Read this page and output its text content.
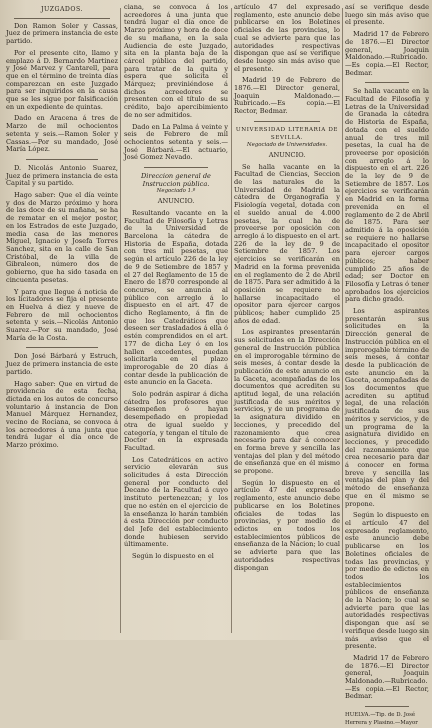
JUZGADOS.

Don Ramon Soler y Cassas, Juez de primera instancia de este partido.

Por el presente cito, llamo y emplazo á D. Bernardo Martinez y José Marvez y Cantarell, para que en el término de treinta días comparezcan en este Juzgado para ser inquiridos en la causa que se les sigue por falsificación en un expediente de quintas.

Dado en Aracena á tres de Marzo de mil ochocientos setenta y seis.—Ramon Soler y Cassas.—Por su mandado, José María López.

D. Nicolás Antonio Suarez, Juez de primera instancia de esta Capital y su partido.

Hago saber: Que el día veinte y dos de Marzo próximo y hora de las doce de su mañana, se ha de rematar en el mejor postor, en los Estrados de este Juzgado, media casa de las menores Miguel, Ignacio y Josefa Torres Sanchez, sita en la calle de San Cristóbal, de la villa de Gibraleon, número dos de gobierno, que ha sido tasada en cincuenta pesetas.

Y para que llegue á noticia de los licitadores se fija el presente en Huelva á diez y nueve de Febrero de mil ochocientos setenta y seis.—Nicolás Antonio Suarez.—Por su mandado, José María de la Costa.

Don José Bárbará y Estruch, Juez de primera instancia de este partido.

Hago saber: Que en virtud de providencia de esta fecha, dictada en los autos de concurso voluntario á instancia de Don Manuel Márquez Hernandez, vecino de Rociana, se convoca á los acreedores á una junta que tendrá lugar el día once de Marzo próximo.

ciana, se convoca á los acreedores á una junta que tendrá lugar el día once de Marzo próximo y hora de doce de su mañana, en la sala Audiencia de este Juzgado, sita en la planta baja de la cárcel pública del partido, para tratar de la quita y espera que solicita el Márquez; previniéndose á dichos acreedores se presenten con el título de su crédito, bajo apercibimiento de no ser admitidos.

Dado en La Palma á veinte y seis de Febrero de mil ochocientos setenta y seis.—José Bárbará.—El actuario, José Gomez Nevado.

Direccion general de Instruccion pública.
Negociado 1.º
ANUNCIO.

Resultando vacante en la Facultad de Filosofía y Letras de la Universidad de Barcelona la cátedra de Historia de España, dotada con tres mil pesetas, que según el artículo 226 de la ley de 9 de Setiembre de 1857 y el 27 del Reglamento de 15 de Enero de 1870 corresponde al concurso, se anuncia al público con arreglo á lo dispuesto en el art. 47 de dicho Reglamento, á fin de que los Catedráticos que deseen ser trasladados á ella ó estén comprendidos en el art. 177 de dicha Ley ó en los hallen excedentes, puedan solicitarla en el plazo improrogable de 20 días á contar desde la publicación de este anuncio en la Gaceta.

Solo podrán aspirar á dicha cátedra los profesores que desempeñen ó hayan desempeñado en propiedad otra de igual sueldo y categoría, y tengan el título de Doctor en la expresada Facultad.

Los Catedráticos en activo servicio elevarán sus solicitudes á esta Dirección general por conducto del Decano de la Facultad á cuyo instituto pertenezcan; y los que no estén en el ejercicio de la enseñanza lo harán también á esta Dirección por conducto del Jefe del establecimiento donde hubiesen servido últimamente.

Según lo dispuesto en el

artículo 47 del expresado reglamento, este anuncio debe publicarse en los Boletines oficiales de las provincias, lo cual se advierte para que las autoridades respectivas dispongan que así se verifique desde luego sin más aviso que el presente.

Madrid 19 de Febrero de 1876.—El Director general, Joaquin Maldonado.—Rubricado.—Es copia.—El Rector, Bedmar.

UNIVERSIDAD LITERARIA DE SEVILLA.
Negociado de Universidades.
ANUNCIO.

Se halla vacante en la Facultad de Ciencias, Seccion de las naturales de la Universidad de Madrid la cátedra de Organografía y Fisiología vegetal, dotada con el sueldo anual de 4.000 pesetas, la cual ha de proveerse por oposición con arreglo á lo dispuesto en el art. 226 de la ley de 9 de Setiembre de 1857. Los ejercicios se verificarán en Madrid en la forma prevenida en el reglamento de 2 de Abril de 1875. Para ser admitido á la oposición se requiere no hallarse incapacitado el opositor para ejercer cargos públicos; haber cumplido 25 años de edad.

Los aspirantes presentarán sus solicitudes en la Dirección general de Instrucción pública en el improrogable término de seis meses, á contar desde la publicación de este anuncio en la Gaceta, acompañadas de los documentos que acrediten su aptitud legal, de una relación justificada de sus méritos y servicios, y de un programa de la asignatura dividido en lecciones, y precedido del razonamiento que crea necesario para dar á conocer en forma breve y sencilla las ventajas del plan y del método de enseñanza que en él mismo se propone.

Según lo dispuesto en el artículo 47 del expresado reglamento, este anuncio debe publicarse en los Boletines oficiales de todas las provincias, y por medio de edictos en todos los establecimientos públicos de enseñanza de la Nacion; lo cual se advierte para que las autoridades respectivas dispongan

así se verifique desde luego sin más aviso que el presente.

Madrid 17 de Febrero de 1876.—El Director general, Joaquin Maldonado.—Rubricado.—Es copia.—El Rector, Bedmar.

Se halla vacante en la Facultad de Filosofía y Letras de la Universidad de Granada la cátedra de Historia de España, dotada con el sueldo anual de tres mil pesetas, la cual ha de proveerse por oposición con arreglo á lo dispuesto en el art. 226 de la ley de 9 de Setiembre de 1857. Los ejercicios se verificarán en Madrid en la forma prevenida en el reglamento de 2 de Abril de 1875. Para ser admitido á la oposición se requiere no hallarse incapacitado el opositor para ejercer cargos públicos; haber cumplido 25 años de edad; ser Doctor en Filosofía y Letras ó tener aprobados los ejercicios para dicho grado.

Los aspirantes presentarán sus solicitudes en la Dirección general de Instrucción pública en el improrogable término de seis meses, á contar desde la publicación de este anuncio en la Gaceta, acompañadas de los documentos que acrediten su aptitud legal, de una relación justificada de sus méritos y servicios, y de un programa de la asignatura dividido en lecciones, y precedido del razonamiento que crea necesario para dar á conocer en forma breve y sencilla las ventajas del plan y del método de enseñanza que en él mismo se propone.

Según lo dispuesto en el artículo 47 del expresado reglamento, este anuncio debe publicarse en los Boletines oficiales de todas las provincias, y por medio de edictos en todos los establecimientos públicos de enseñanza de la Nacion; lo cual se advierte para que las autoridades respectivas dispongan que así se verifique desde luego sin más aviso que el presente.

Madrid 17 de Febrero de 1876.—El Director general, Joaquin Maldonado.—Rubricado.—Es copia.—El Rector, Bedmar.

HUELVA.—Tip. de D. José Herrera y Plasino.—Mayor
